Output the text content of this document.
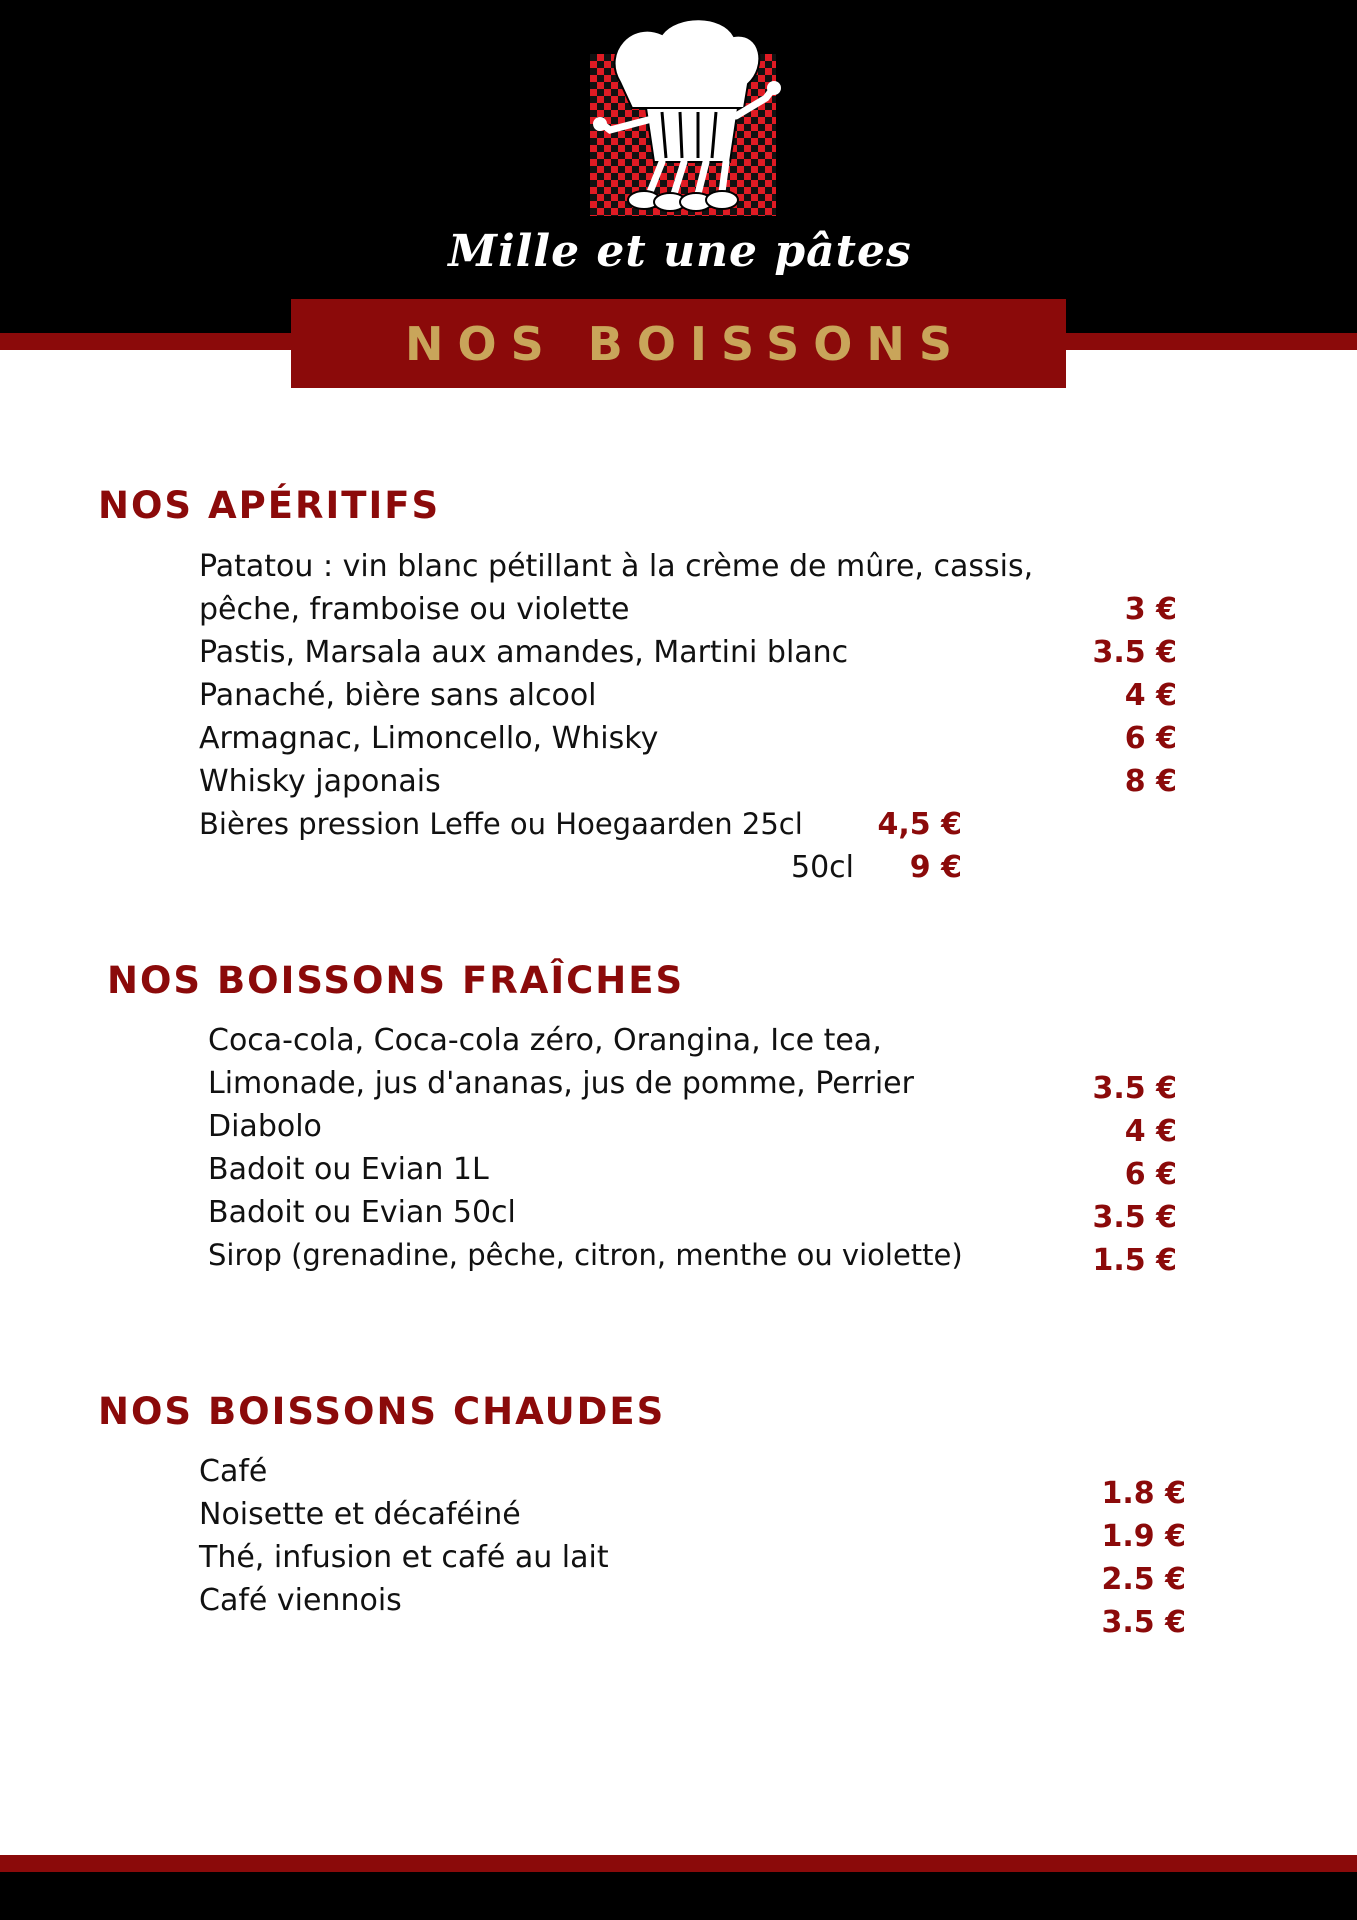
Mille et une pâtes
NOS BOISSONS
NOS APÉRITIFS
Patatou : vin blanc pétillant à la crème de mûre, cassis,
pêche, framboise ou violette
Pastis, Marsala aux amandes, Martini blanc
Panaché, bière sans alcool
Armagnac, Limoncello, Whisky
Whisky japonais
Bières pression Leffe ou Hoegaarden 25cl
50cl
3 €
3.5 €
4 €
6 €
8 €
4,5 €
9 €
NOS BOISSONS FRAÎCHES
Coca-cola, Coca-cola zéro, Orangina, Ice tea,
Limonade, jus d'ananas, jus de pomme, Perrier
Diabolo
Badoit ou Evian 1L
Badoit ou Evian 50cl
Sirop (grenadine, pêche, citron, menthe ou violette)
3.5 €
4 €
6 €
3.5 €
1.5 €
NOS BOISSONS CHAUDES
Café
Noisette et décaféiné
Thé, infusion et café au lait
Café viennois
1.8 €
1.9 €
2.5 €
3.5 €
